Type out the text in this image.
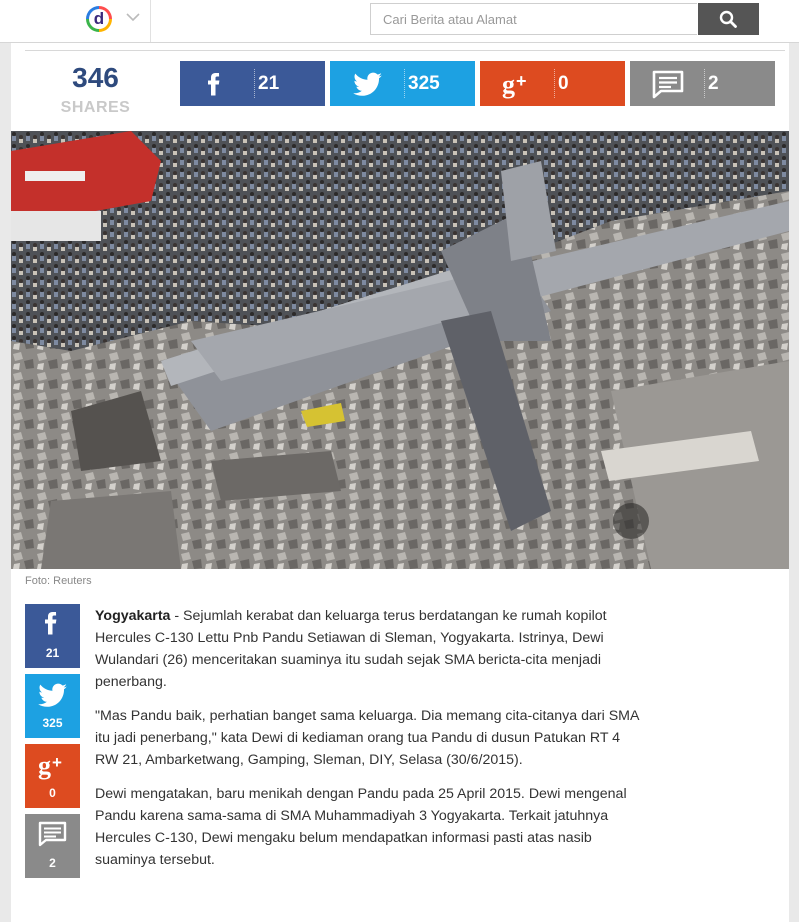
d
Cari Berita atau Alamat
346
SHARES
21	325 g + 0	2
Foto: Reuters
21
325
g +
0
2

Yogyakarta - Sejumlah kerabat dan keluarga terus berdatangan ke rumah kopilot Hercules C-130 Lettu Pnb Pandu Setiawan di Sleman, Yogyakarta. Istrinya, Dewi Wulandari (26) menceritakan suaminya itu sudah sejak SMA bericta-cita menjadi penerbang.

"Mas Pandu baik, perhatian banget sama keluarga. Dia memang cita-citanya dari SMA itu jadi penerbang," kata Dewi di kediaman orang tua Pandu di dusun Patukan RT 4 RW 21, Ambarketwang, Gamping, Sleman, DIY, Selasa (30/6/2015).

Dewi mengatakan, baru menikah dengan Pandu pada 25 April 2015. Dewi mengenal Pandu karena sama-sama di SMA Muhammadiyah 3 Yogyakarta. Terkait jatuhnya Hercules C-130, Dewi mengaku belum mendapatkan informasi pasti atas nasib suaminya tersebut.
